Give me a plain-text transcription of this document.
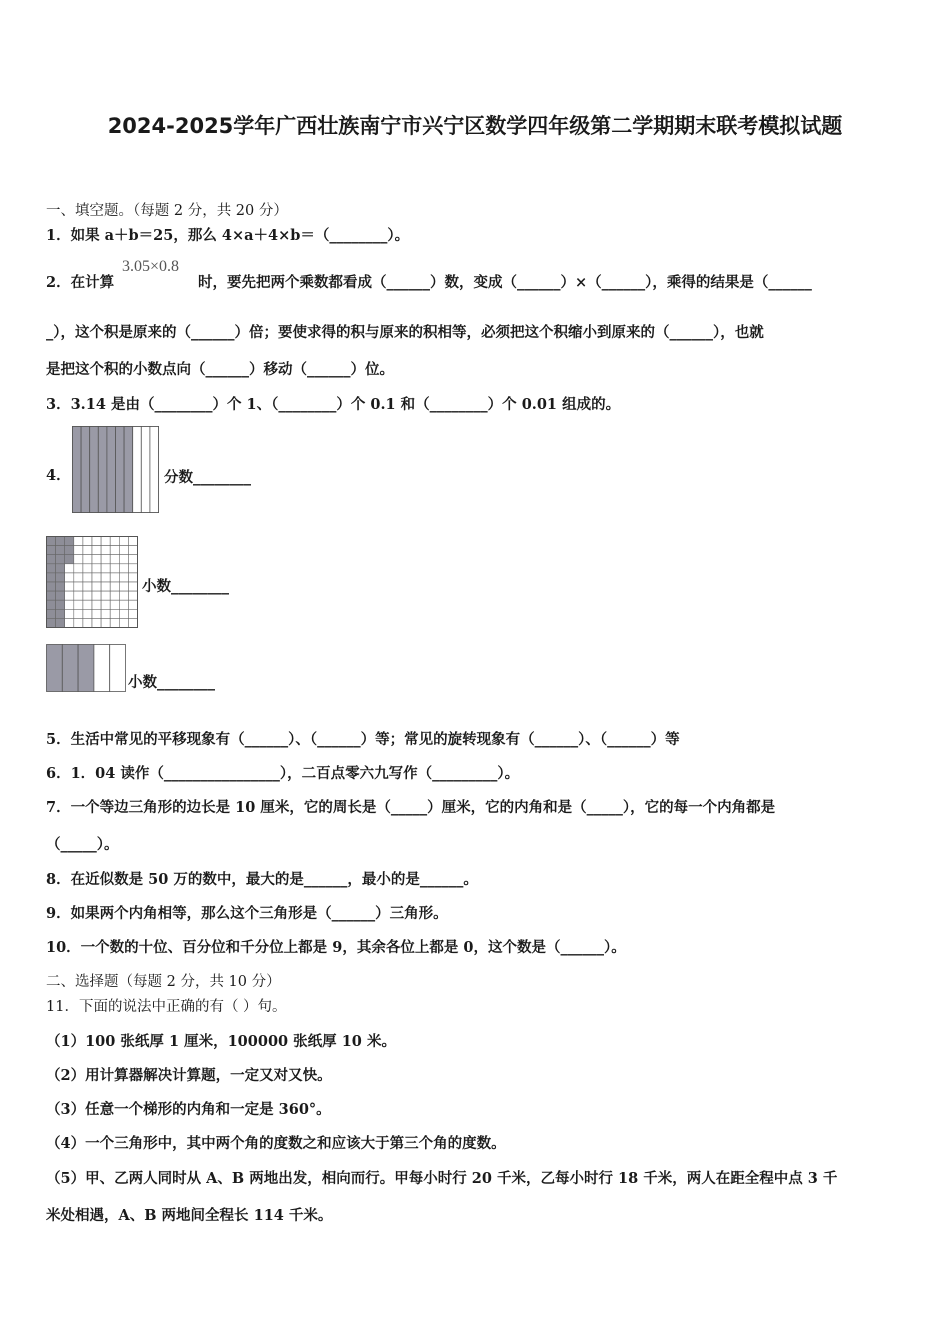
2024-2025学年广西壮族南宁市兴宁区数学四年级第二学期期末联考模拟试题
一、填空题。（每题 2 分，共 20 分）
1．如果 a＋b＝25，那么 4×a＋4×b＝（________）。
2．在计算
3.05×0.8
时，要先把两个乘数都看成（______）数，变成（______）×（______），乘得的结果是（______
_），这个积是原来的（______）倍；要使求得的积与原来的积相等，必须把这个积缩小到原来的（______），也就
是把这个积的小数点向（______）移动（______）位。
3．3.14 是由（________）个 1、（________）个 0.1 和（________）个 0.01 组成的。
4．	分数________
小数________
小数________
5．生活中常见的平移现象有（______）、（______）等；常见的旋转现象有（______）、（______）等
6．1．04 读作（________________），二百点零六九写作（_________）。
7．一个等边三角形的边长是 10 厘米，它的周长是（_____）厘米，它的内角和是（_____），它的每一个内角都是
（_____）。
8．在近似数是 50 万的数中，最大的是______，最小的是______。
9．如果两个内角相等，那么这个三角形是（______）三角形。
10．一个数的十位、百分位和千分位上都是 9，其余各位上都是 0，这个数是（______）。
二、选择题（每题 2 分，共 10 分）
11．下面的说法中正确的有（ ）句。
（1）100 张纸厚 1 厘米，100000 张纸厚 10 米。
（2）用计算器解决计算题，一定又对又快。
（3）任意一个梯形的内角和一定是 360°。
（4）一个三角形中，其中两个角的度数之和应该大于第三个角的度数。
（5）甲、乙两人同时从 A、B 两地出发，相向而行。甲每小时行 20 千米，乙每小时行 18 千米，两人在距全程中点 3 千
米处相遇，A、B 两地间全程长 114 千米。
